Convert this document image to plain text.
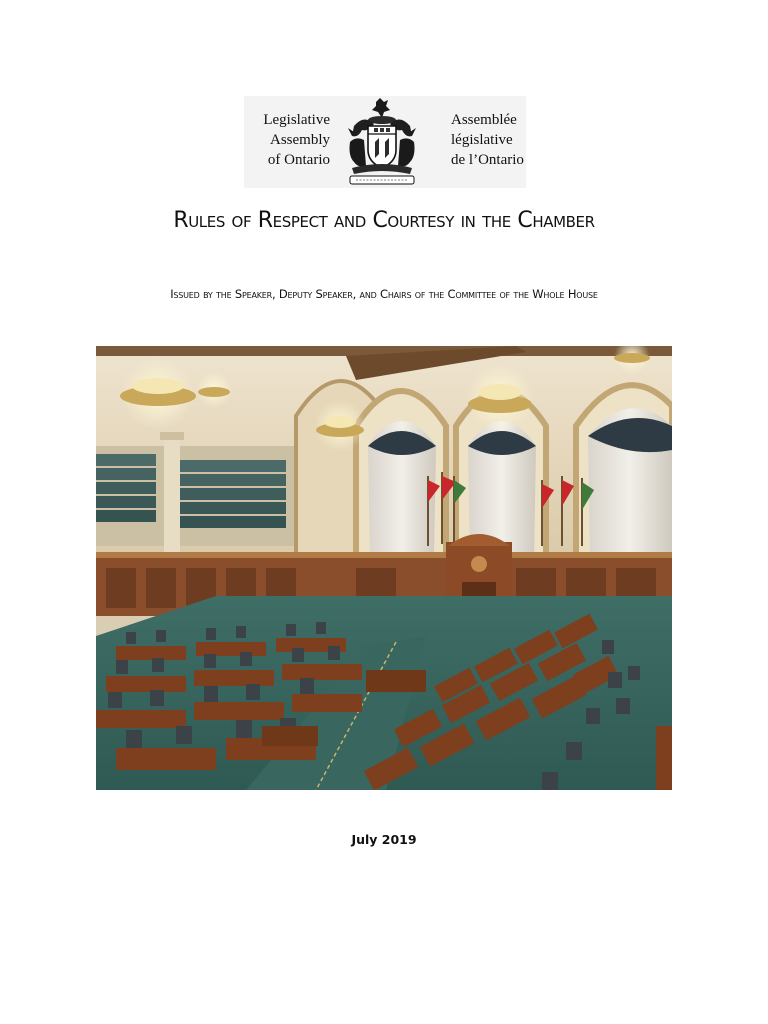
Legislative
Assembly
of Ontario
Assemblée
législative
de l’Ontario
Rules of Respect and Courtesy in the Chamber
Issued by the Speaker, Deputy Speaker, and Chairs of the Committee of the Whole House
July 2019
